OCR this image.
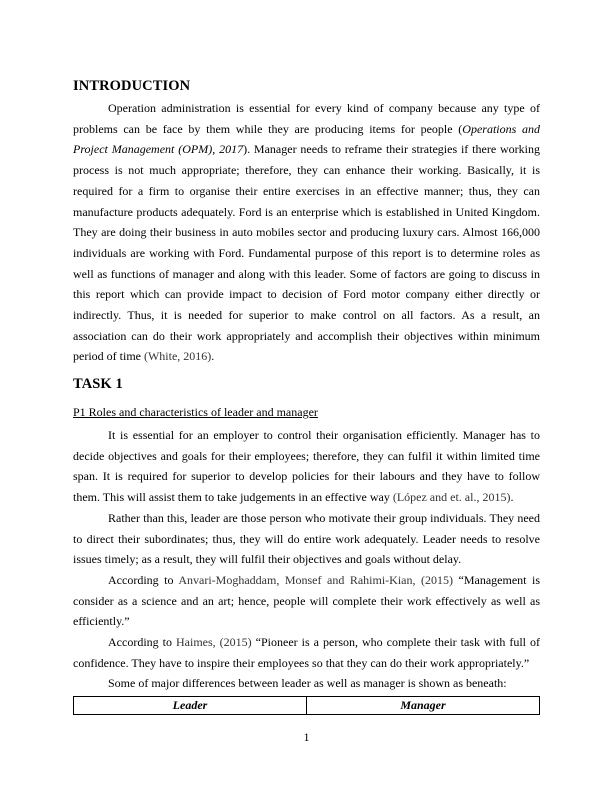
INTRODUCTION

Operation administration is essential for every kind of company because any type of problems can be face by them while they are producing items for people (Operations and Project Management (OPM), 2017). Manager needs to reframe their strategies if there working process is not much appropriate; therefore, they can enhance their working. Basically, it is required for a firm to organise their entire exercises in an effective manner; thus, they can manufacture products adequately. Ford is an enterprise which is established in United Kingdom. They are doing their business in auto mobiles sector and producing luxury cars. Almost 166,000 individuals are working with Ford. Fundamental purpose of this report is to determine roles as well as functions of manager and along with this leader. Some of factors are going to discuss in this report which can provide impact to decision of Ford motor company either directly or indirectly. Thus, it is needed for superior to make control on all factors. As a result, an association can do their work appropriately and accomplish their objectives within minimum period of time (White, 2016).

TASK 1
P1 Roles and characteristics of leader and manager

It is essential for an employer to control their organisation efficiently. Manager has to decide objectives and goals for their employees; therefore, they can fulfil it within limited time span. It is required for superior to develop policies for their labours and they have to follow them. This will assist them to take judgements in an effective way (López and et. al., 2015).

Rather than this, leader are those person who motivate their group individuals. They need to direct their subordinates; thus, they will do entire work adequately. Leader needs to resolve issues timely; as a result, they will fulfil their objectives and goals without delay.

According to Anvari-Moghaddam, Monsef and Rahimi-Kian, (2015) “Management is consider as a science and an art; hence, people will complete their work effectively as well as efficiently.”

According to Haimes, (2015) “Pioneer is a person, who complete their task with full of confidence. They have to inspire their employees so that they can do their work appropriately.”

Some of major differences between leader as well as manager is shown as beneath:

Leader	Manager
1
